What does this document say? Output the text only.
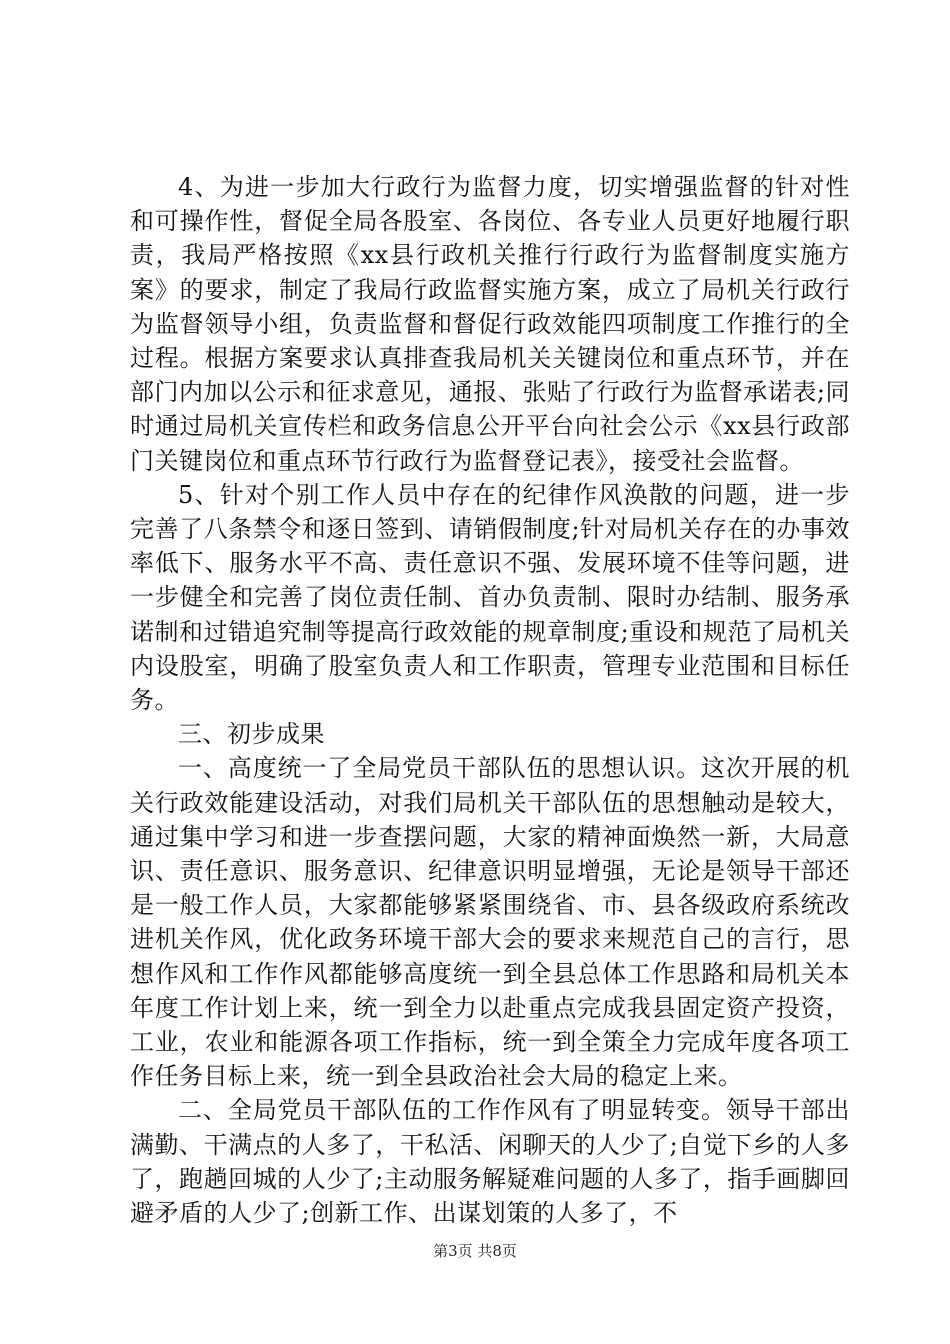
4、为进一步加大行政行为监督力度，切实增强监督的针对性和可操作性，督促全局各股室、各岗位、各专业人员更好地履行职责，我局严格按照《xx县行政机关推行行政行为监督制度实施方案》的要求，制定了我局行政监督实施方案，成立了局机关行政行为监督领导小组，负责监督和督促行政效能四项制度工作推行的全过程。根据方案要求认真排查我局机关关键岗位和重点环节，并在部门内加以公示和征求意见，通报、张贴了行政行为监督承诺表;同时通过局机关宣传栏和政务信息公开平台向社会公示《xx县行政部门关键岗位和重点环节行政行为监督登记表》，接受社会监督。

5、针对个别工作人员中存在的纪律作风涣散的问题，进一步完善了八条禁令和逐日签到、请销假制度;针对局机关存在的办事效率低下、服务水平不高、责任意识不强、发展环境不佳等问题，进一步健全和完善了岗位责任制、首办负责制、限时办结制、服务承诺制和过错追究制等提高行政效能的规章制度;重设和规范了局机关内设股室，明确了股室负责人和工作职责，管理专业范围和目标任务。

三、初步成果

一、高度统一了全局党员干部队伍的思想认识。这次开展的机关行政效能建设活动，对我们局机关干部队伍的思想触动是较大，通过集中学习和进一步查摆问题，大家的精神面焕然一新，大局意识、责任意识、服务意识、纪律意识明显增强，无论是领导干部还是一般工作人员，大家都能够紧紧围绕省、市、县各级政府系统改进机关作风，优化政务环境干部大会的要求来规范自己的言行，思想作风和工作作风都能够高度统一到全县总体工作思路和局机关本年度工作计划上来，统一到全力以赴重点完成我县固定资产投资，工业，农业和能源各项工作指标，统一到全策全力完成年度各项工作任务目标上来，统一到全县政治社会大局的稳定上来。

二、全局党员干部队伍的工作作风有了明显转变。领导干部出满勤、干满点的人多了，干私活、闲聊天的人少了;自觉下乡的人多了，跑趟回城的人少了;主动服务解疑难问题的人多了，指手画脚回避矛盾的人少了;创新工作、出谋划策的人多了，不

第3页 共8页
